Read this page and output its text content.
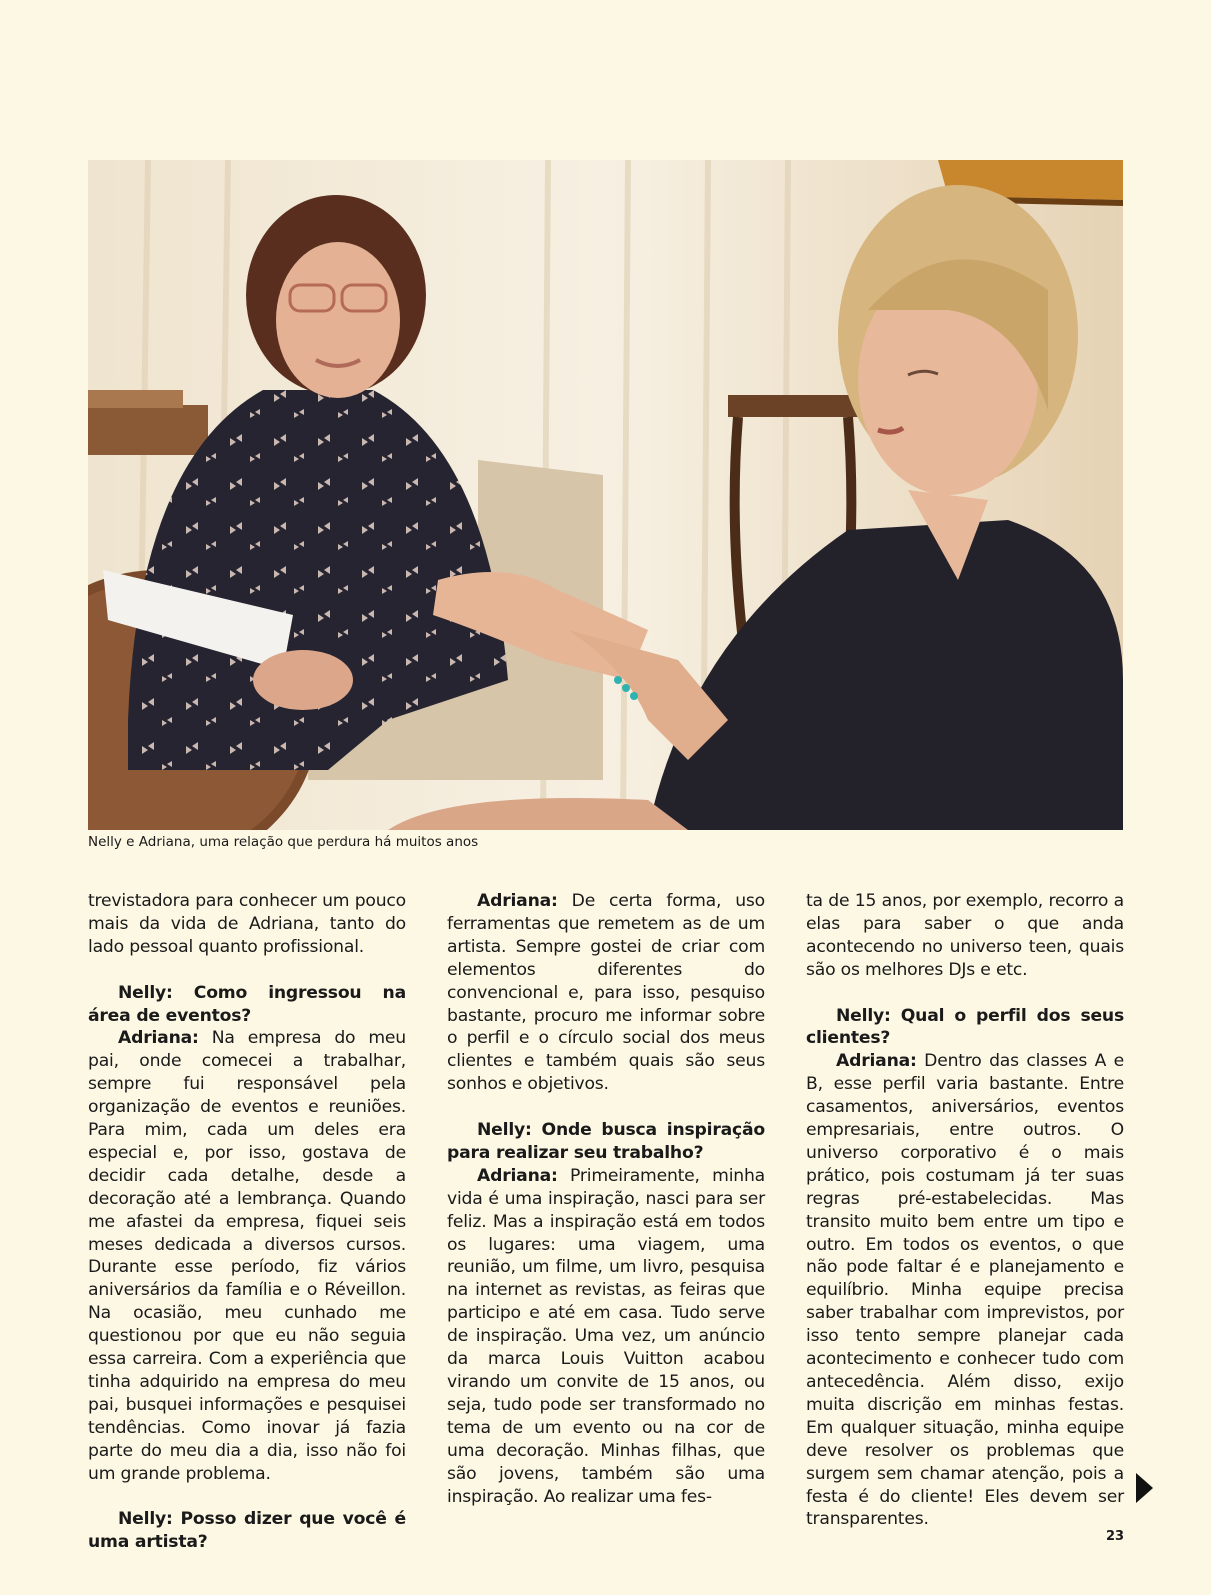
Nelly e Adriana, uma relação que perdura há muitos anos

trevistadora para conhecer um pouco mais da vida de Adriana, tanto do lado pessoal quanto profissional.

Nelly: Como ingressou na área de eventos?

Adriana: Na empresa do meu pai, onde comecei a trabalhar, sempre fui responsável pela organização de eventos e reuniões. Para mim, cada um deles era especial e, por isso, gostava de decidir cada detalhe, desde a decoração até a lembrança. Quando me afastei da empresa, fiquei seis meses dedicada a diversos cursos. Durante esse período, fiz vários aniversários da família e o Réveillon. Na ocasião, meu cunhado me questionou por que eu não seguia essa carreira. Com a experiência que tinha adquirido na empresa do meu pai, busquei informações e pesquisei tendências. Como inovar já fazia parte do meu dia a dia, isso não foi um grande problema.

Nelly: Posso dizer que você é uma artista?

Adriana: De certa forma, uso ferramentas que remetem as de um artista. Sempre gostei de criar com elementos diferentes do convencional e, para isso, pesquiso bastante, procuro me informar sobre o perfil e o círculo social dos meus clientes e também quais são seus sonhos e objetivos.

Nelly: Onde busca inspiração para realizar seu trabalho?

Adriana: Primeiramente, minha vida é uma inspiração, nasci para ser feliz. Mas a inspiração está em todos os lugares: uma viagem, uma reunião, um filme, um livro, pesquisa na internet as revistas, as feiras que participo e até em casa. Tudo serve de inspiração. Uma vez, um anúncio da marca Louis Vuitton acabou virando um convite de 15 anos, ou seja, tudo pode ser transformado no tema de um evento ou na cor de uma decoração. Minhas filhas, que são jovens, também são uma inspiração. Ao realizar uma fes-

ta de 15 anos, por exemplo, recorro a elas para saber o que anda acontecendo no universo teen, quais são os melhores DJs e etc.

Nelly: Qual o perfil dos seus clientes?

Adriana: Dentro das classes A e B, esse perfil varia bastante. Entre casamentos, aniversários, eventos empresariais, entre outros. O universo corporativo é o mais prático, pois costumam já ter suas regras pré-estabelecidas. Mas transito muito bem entre um tipo e outro. Em todos os eventos, o que não pode faltar é e planejamento e equilíbrio. Minha equipe precisa saber trabalhar com imprevistos, por isso tento sempre planejar cada acontecimento e conhecer tudo com antecedência. Além disso, exijo muita discrição em minhas festas. Em qualquer situação, minha equipe deve resolver os problemas que surgem sem chamar atenção, pois a festa é do cliente! Eles devem ser transparentes.

23
